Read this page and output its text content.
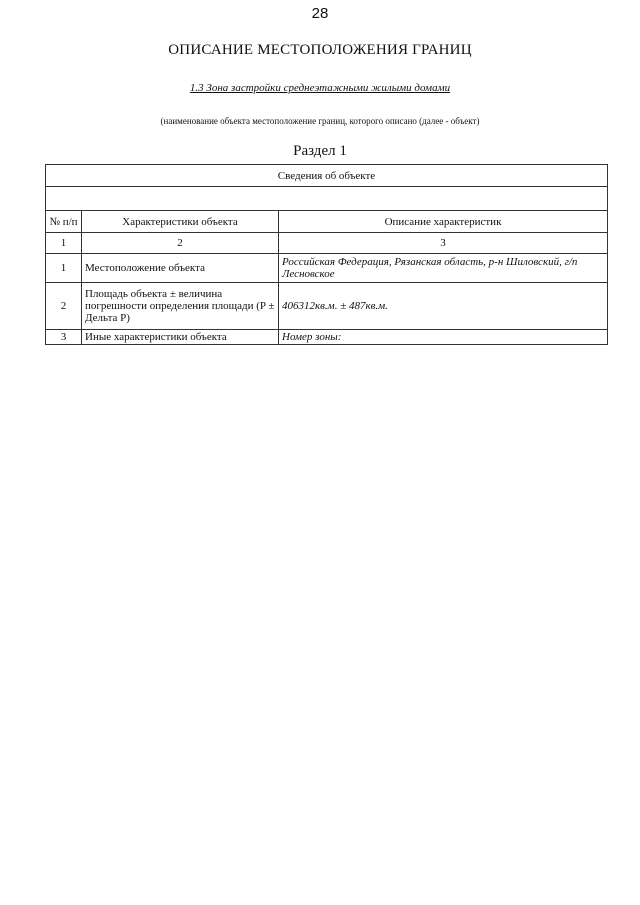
28
ОПИСАНИЕ МЕСТОПОЛОЖЕНИЯ ГРАНИЦ
1.3 Зона застройки среднеэтажными жилыми домами
(наименование объекта местоположение границ, которого описано (далее - объект)
Раздел 1
Сведения об объекте		

№ п/п	Характеристики объекта	Описание характеристик
1	2	3
1	Местоположение объекта	Российская Федерация, Рязанская область, р-н Шиловский, г/п Лесновское
2	Площадь объекта ± величина погрешности определения площади (P ± Дельта P)	406312кв.м. ± 487кв.м.
3	Иные характеристики объекта	Номер зоны:
